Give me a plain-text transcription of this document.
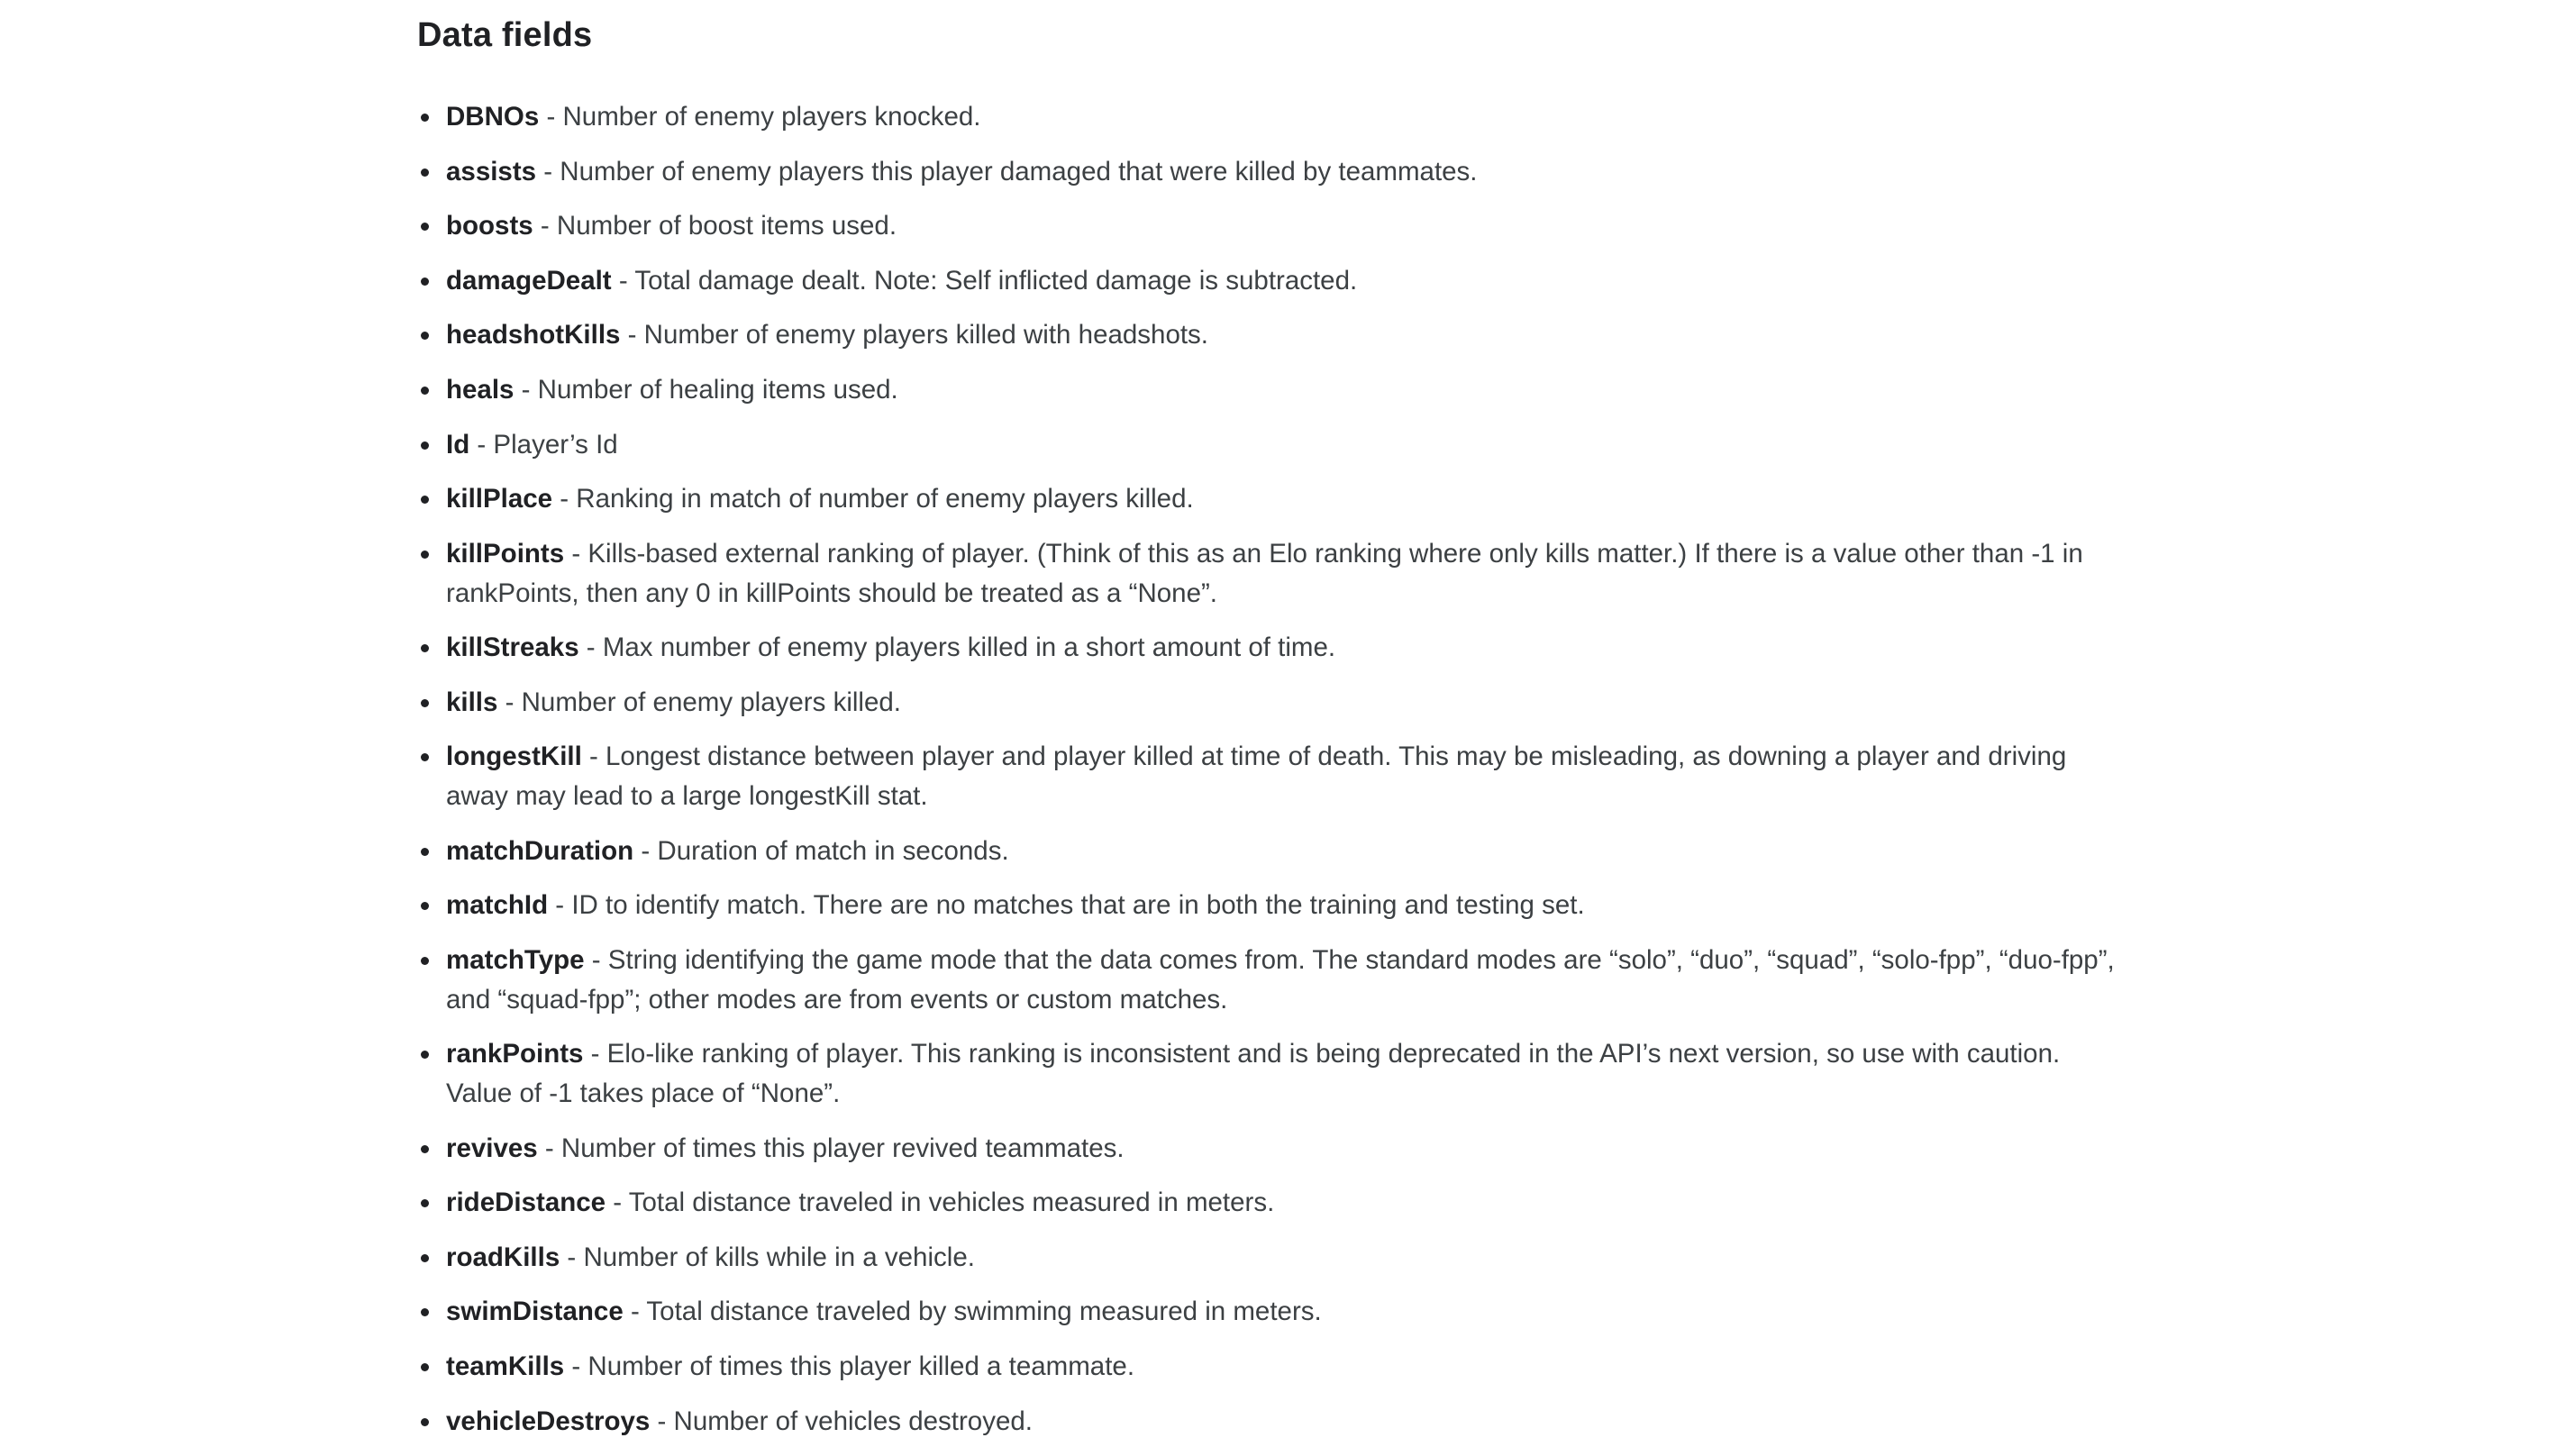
Data fields
DBNOs - Number of enemy players knocked.
assists - Number of enemy players this player damaged that were killed by teammates.
boosts - Number of boost items used.
damageDealt - Total damage dealt. Note: Self inflicted damage is subtracted.
headshotKills - Number of enemy players killed with headshots.
heals - Number of healing items used.
Id - Player’s Id
killPlace - Ranking in match of number of enemy players killed.
killPoints - Kills-based external ranking of player. (Think of this as an Elo ranking where only kills matter.) If there is a value other than -1 in rankPoints, then any 0 in killPoints should be treated as a “None”.
killStreaks - Max number of enemy players killed in a short amount of time.
kills - Number of enemy players killed.
longestKill - Longest distance between player and player killed at time of death. This may be misleading, as downing a player and driving away may lead to a large longestKill stat.
matchDuration - Duration of match in seconds.
matchId - ID to identify match. There are no matches that are in both the training and testing set.
matchType - String identifying the game mode that the data comes from. The standard modes are “solo”, “duo”, “squad”, “solo-fpp”, “duo-fpp”, and “squad-fpp”; other modes are from events or custom matches.
rankPoints - Elo-like ranking of player. This ranking is inconsistent and is being deprecated in the API’s next version, so use with caution. Value of -1 takes place of “None”.
revives - Number of times this player revived teammates.
rideDistance - Total distance traveled in vehicles measured in meters.
roadKills - Number of kills while in a vehicle.
swimDistance - Total distance traveled by swimming measured in meters.
teamKills - Number of times this player killed a teammate.
vehicleDestroys - Number of vehicles destroyed.
